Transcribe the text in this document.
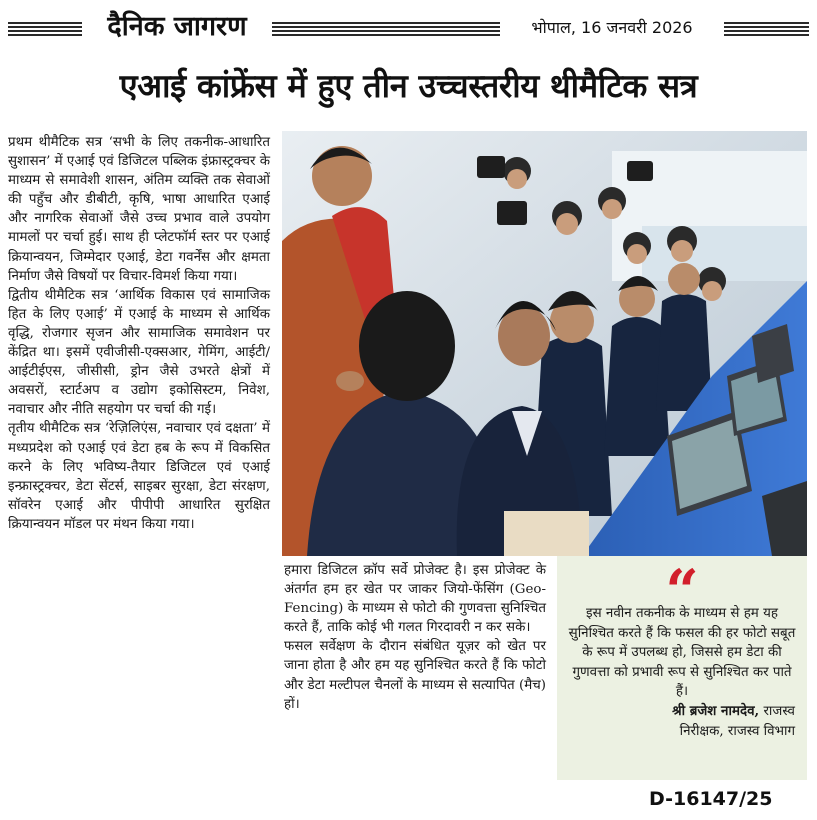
दैनिक जागरण	भोपाल, 16 जनवरी 2026
एआई कांफ्रेंस में हुए तीन उच्चस्तरीय थीमैटिक सत्र

प्रथम थीमैटिक सत्र ‘सभी के लिए तकनीक-आधारित सुशासन’ में एआई एवं डिजिटल पब्लिक इंफ्रास्ट्रक्चर के माध्यम से समावेशी शासन, अंतिम व्यक्ति तक सेवाओं की पहुँच और डीबीटी, कृषि, भाषा आधारित एआई और नागरिक सेवाओं जैसे उच्च प्रभाव वाले उपयोग मामलों पर चर्चा हुई। साथ ही प्लेटफॉर्म स्तर पर एआई क्रियान्वयन, जिम्मेदार एआई, डेटा गवर्नेंस और क्षमता निर्माण जैसे विषयों पर विचार-विमर्श किया गया।

द्वितीय थीमैटिक सत्र ‘आर्थिक विकास एवं सामाजिक हित के लिए एआई’ में एआई के माध्यम से आर्थिक वृद्धि, रोजगार सृजन और सामाजिक समावेशन पर केंद्रित था। इसमें एवीजीसी-एक्सआर, गेमिंग, आईटी/आईटीईएस, जीसीसी, ड्रोन जैसे उभरते क्षेत्रों में अवसरों, स्टार्टअप व उद्योग इकोसिस्टम, निवेश, नवाचार और नीति सहयोग पर चर्चा की गई।

तृतीय थीमैटिक सत्र ‘रेज़िलिएंस, नवाचार एवं दक्षता’ में मध्यप्रदेश को एआई एवं डेटा हब के रूप में विकसित करने के लिए भविष्य-तैयार डिजिटल एवं एआई इन्फ्रास्ट्रक्चर, डेटा सेंटर्स, साइबर सुरक्षा, डेटा संरक्षण, सॉवरेन एआई और पीपीपी आधारित सुरक्षित क्रियान्वयन मॉडल पर मंथन किया गया।

हमारा डिजिटल क्रॉप सर्वे प्रोजेक्ट है। इस प्रोजेक्ट के अंतर्गत हम हर खेत पर जाकर जियो-फेंसिंग (Geo-Fencing) के माध्यम से फोटो की गुणवत्ता सुनिश्चित करते हैं, ताकि कोई भी गलत गिरदावरी न कर सके।

फसल सर्वेक्षण के दौरान संबंधित यूज़र को खेत पर जाना होता है और हम यह सुनिश्चित करते हैं कि फोटो और डेटा मल्टीपल चैनलों के माध्यम से सत्यापित (मैच) हों।

“
इस नवीन तकनीक के माध्यम से हम यह सुनिश्चित करते हैं कि फसल की हर फोटो सबूत के रूप में उपलब्ध हो, जिससे हम डेटा की गुणवत्ता को प्रभावी रूप से सुनिश्चित कर पाते हैं।
श्री ब्रजेश नामदेव, राजस्व
निरीक्षक, राजस्व विभाग
D-16147/25
